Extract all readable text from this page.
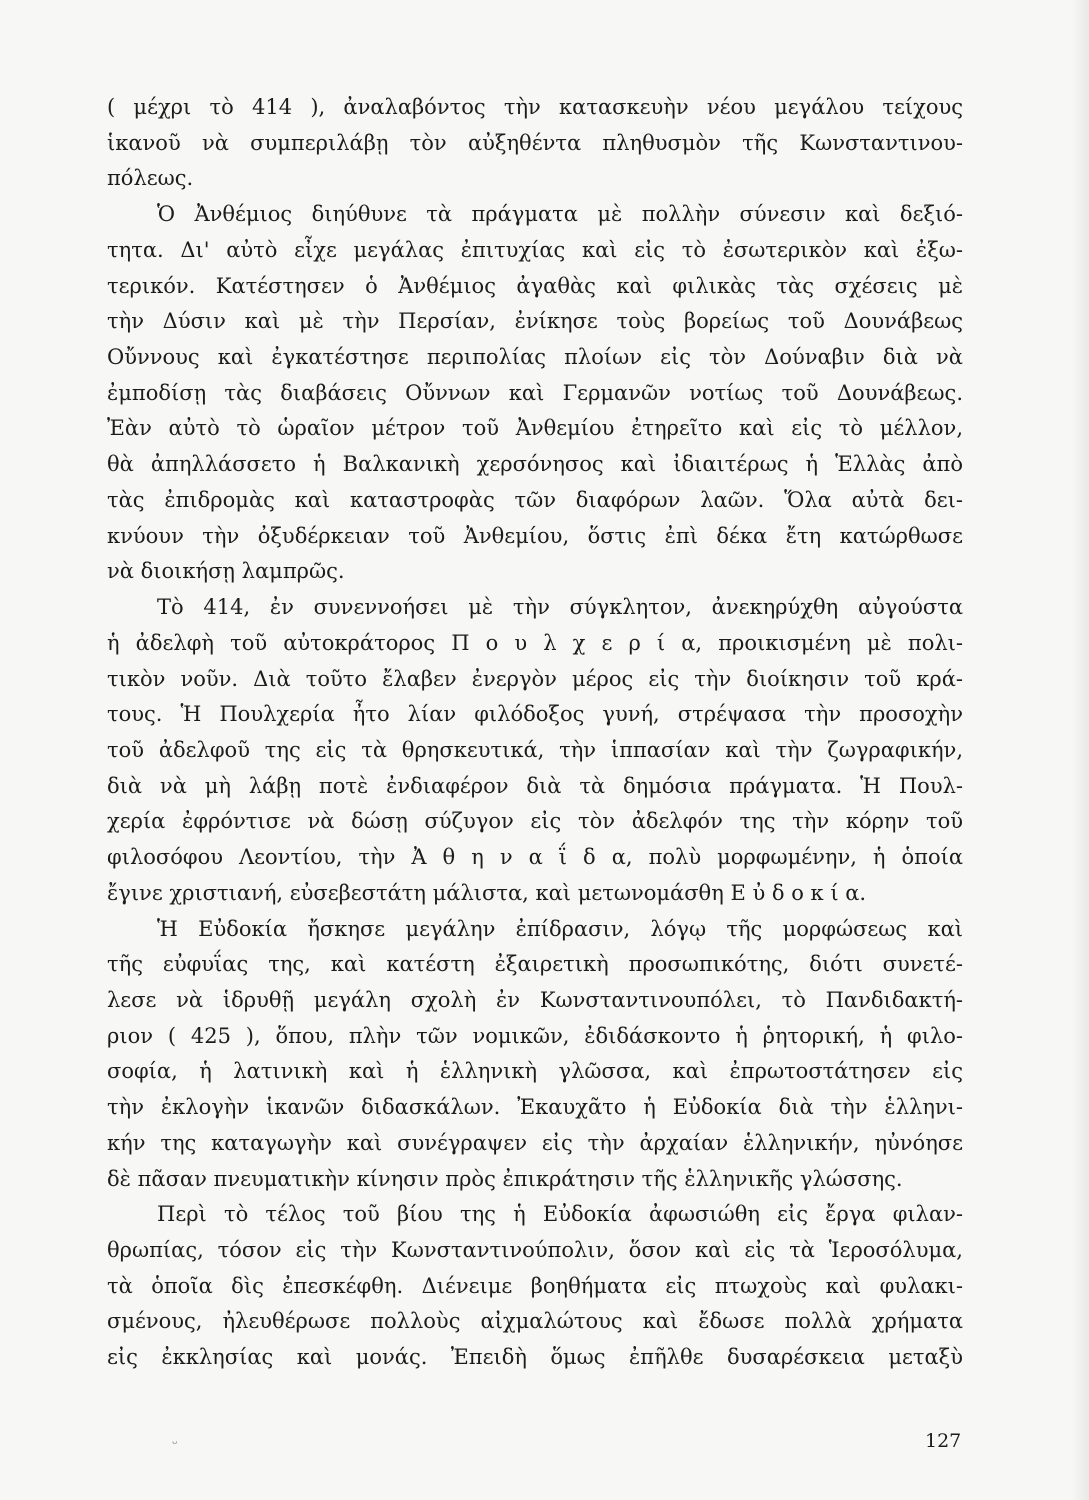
( μέχρι τὸ 414 ), ἀναλαβόντος τὴν κατασκευὴν νέου μεγάλου τείχους
ἱκανοῦ νὰ συμπεριλάβῃ τὸν αὐξηθέντα πληθυσμὸν τῆς Κωνσταντινου-
πόλεως.
Ὁ Ἀνθέμιος διηύθυνε τὰ πράγματα μὲ πολλὴν σύνεσιν καὶ δεξιό-
τητα. Δι' αὐτὸ εἶχε μεγάλας ἐπιτυχίας καὶ εἰς τὸ ἐσωτερικὸν καὶ ἐξω-
τερικόν. Κατέστησεν ὁ Ἀνθέμιος ἀγαθὰς καὶ φιλικὰς τὰς σχέσεις μὲ
τὴν Δύσιν καὶ μὲ τὴν Περσίαν, ἐνίκησε τοὺς βορείως τοῦ Δουνάβεως
Οὔννους καὶ ἐγκατέστησε περιπολίας πλοίων εἰς τὸν Δούναβιν διὰ νὰ
ἐμποδίσῃ τὰς διαβάσεις Οὔννων καὶ Γερμανῶν νοτίως τοῦ Δουνάβεως.
Ἐὰν αὐτὸ τὸ ὡραῖον μέτρον τοῦ Ἀνθεμίου ἐτηρεῖτο καὶ εἰς τὸ μέλλον,
θὰ ἀπηλλάσσετο ἡ Βαλκανικὴ χερσόνησος καὶ ἰδιαιτέρως ἡ Ἑλλὰς ἀπὸ
τὰς ἐπιδρομὰς καὶ καταστροφὰς τῶν διαφόρων λαῶν. Ὅλα αὐτὰ δει-
κνύουν τὴν ὀξυδέρκειαν τοῦ Ἀνθεμίου, ὅστις ἐπὶ δέκα ἔτη κατώρθωσε
νὰ διοικήσῃ λαμπρῶς.
Τὸ 414, ἐν συνεννοήσει μὲ τὴν σύγκλητον, ἀνεκηρύχθη αὐγούστα
ἡ ἀδελφὴ τοῦ αὐτοκράτορος Π ο υ λ χ ε ρ ί α, προικισμένη μὲ πολι-
τικὸν νοῦν. Διὰ τοῦτο ἔλαβεν ἐνεργὸν μέρος εἰς τὴν διοίκησιν τοῦ κρά-
τους. Ἡ Πουλχερία ἦτο λίαν φιλόδοξος γυνή, στρέψασα τὴν προσοχὴν
τοῦ ἀδελφοῦ της εἰς τὰ θρησκευτικά, τὴν ἱππασίαν καὶ τὴν ζωγραφικήν,
διὰ νὰ μὴ λάβῃ ποτὲ ἐνδιαφέρον διὰ τὰ δημόσια πράγματα. Ἡ Πουλ-
χερία ἐφρόντισε νὰ δώσῃ σύζυγον εἰς τὸν ἀδελφόν της τὴν κόρην τοῦ
φιλοσόφου Λεοντίου, τὴν Ἀ θ η ν α ΐ δ α, πολὺ μορφωμένην, ἡ ὁποία
ἔγινε χριστιανή, εὐσεβεστάτη μάλιστα, καὶ μετωνομάσθη Ε ὐ δ ο κ ί α.
Ἡ Εὐδοκία ἤσκησε μεγάλην ἐπίδρασιν, λόγῳ τῆς μορφώσεως καὶ
τῆς εὐφυΐας της, καὶ κατέστη ἐξαιρετικὴ προσωπικότης, διότι συνετέ-
λεσε νὰ ἱδρυθῇ μεγάλη σχολὴ ἐν Κωνσταντινουπόλει, τὸ Πανδιδακτή-
ριον ( 425 ), ὅπου, πλὴν τῶν νομικῶν, ἐδιδάσκοντο ἡ ῥητορική, ἡ φιλο-
σοφία, ἡ λατινικὴ καὶ ἡ ἑλληνικὴ γλῶσσα, καὶ ἐπρωτοστάτησεν εἰς
τὴν ἐκλογὴν ἱκανῶν διδασκάλων. Ἐκαυχᾶτο ἡ Εὐδοκία διὰ τὴν ἑλληνι-
κήν της καταγωγὴν καὶ συνέγραψεν εἰς τὴν ἀρχαίαν ἑλληνικήν, ηὐνόησε
δὲ πᾶσαν πνευματικὴν κίνησιν πρὸς ἐπικράτησιν τῆς ἑλληνικῆς γλώσσης.
Περὶ τὸ τέλος τοῦ βίου της ἡ Εὐδοκία ἀφωσιώθη εἰς ἔργα φιλαν-
θρωπίας, τόσον εἰς τὴν Κωνσταντινούπολιν, ὅσον καὶ εἰς τὰ Ἱεροσόλυμα,
τὰ ὁποῖα δὶς ἐπεσκέφθη. Διένειμε βοηθήματα εἰς πτωχοὺς καὶ φυλακι-
σμένους, ἠλευθέρωσε πολλοὺς αἰχμαλώτους καὶ ἔδωσε πολλὰ χρήματα
εἰς ἐκκλησίας καὶ μονάς. Ἐπειδὴ ὅμως ἐπῆλθε δυσαρέσκεια μεταξὺ
ᴗ	127
